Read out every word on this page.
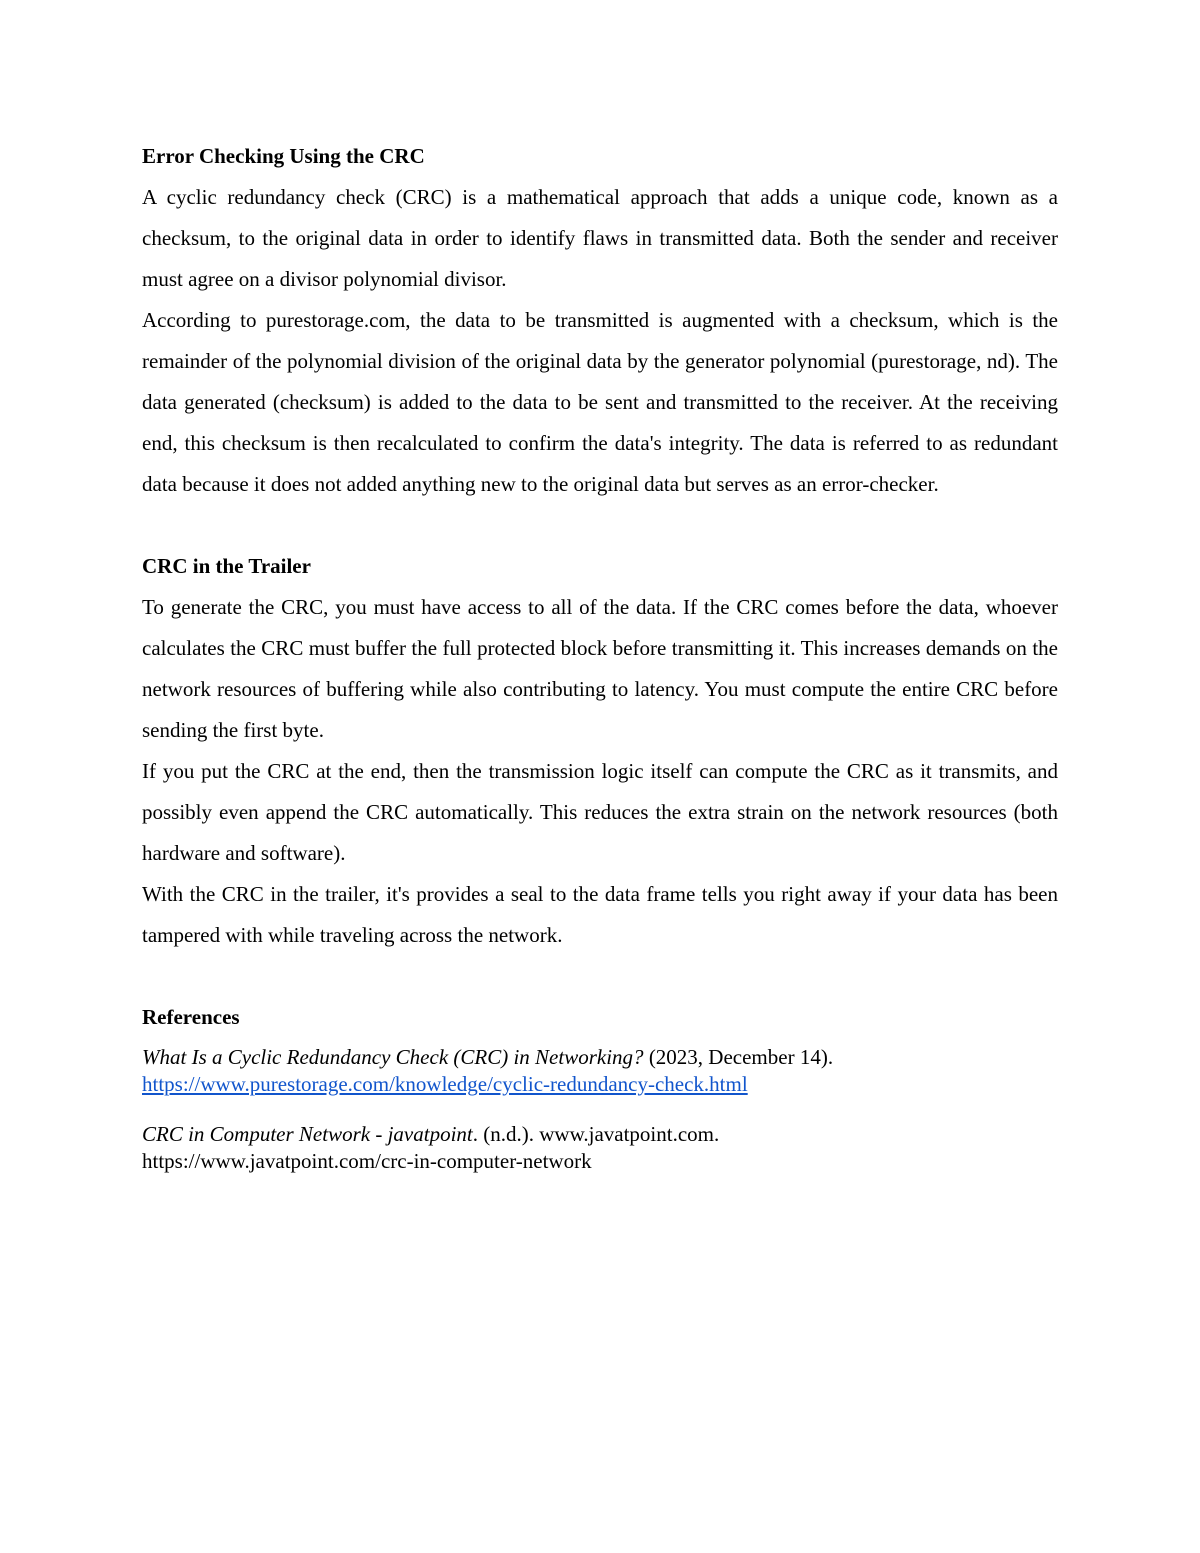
Error Checking Using the CRC

A cyclic redundancy check (CRC) is a mathematical approach that adds a unique code, known as a checksum, to the original data in order to identify flaws in transmitted data. Both the sender and receiver must agree on a divisor polynomial divisor.

According to purestorage.com, the data to be transmitted is augmented with a checksum, which is the remainder of the polynomial division of the original data by the generator polynomial (purestorage, nd). The data generated (checksum) is added to the data to be sent and transmitted to the receiver. At the receiving end, this checksum is then recalculated to confirm the data's integrity. The data is referred to as redundant data because it does not added anything new to the original data but serves as an error-checker.

CRC in the Trailer

To generate the CRC, you must have access to all of the data. If the CRC comes before the data, whoever calculates the CRC must buffer the full protected block before transmitting it. This increases demands on the network resources of buffering while also contributing to latency. You must compute the entire CRC before sending the first byte.

If you put the CRC at the end, then the transmission logic itself can compute the CRC as it transmits, and possibly even append the CRC automatically. This reduces the extra strain on the network resources (both hardware and software).

With the CRC in the trailer, it's provides a seal to the data frame tells you right away if your data has been tampered with while traveling across the network.

References

What Is a Cyclic Redundancy Check (CRC) in Networking? (2023, December 14).
https://www.purestorage.com/knowledge/cyclic-redundancy-check.html

CRC in Computer Network - javatpoint. (n.d.). www.javatpoint.com.
https://www.javatpoint.com/crc-in-computer-network
